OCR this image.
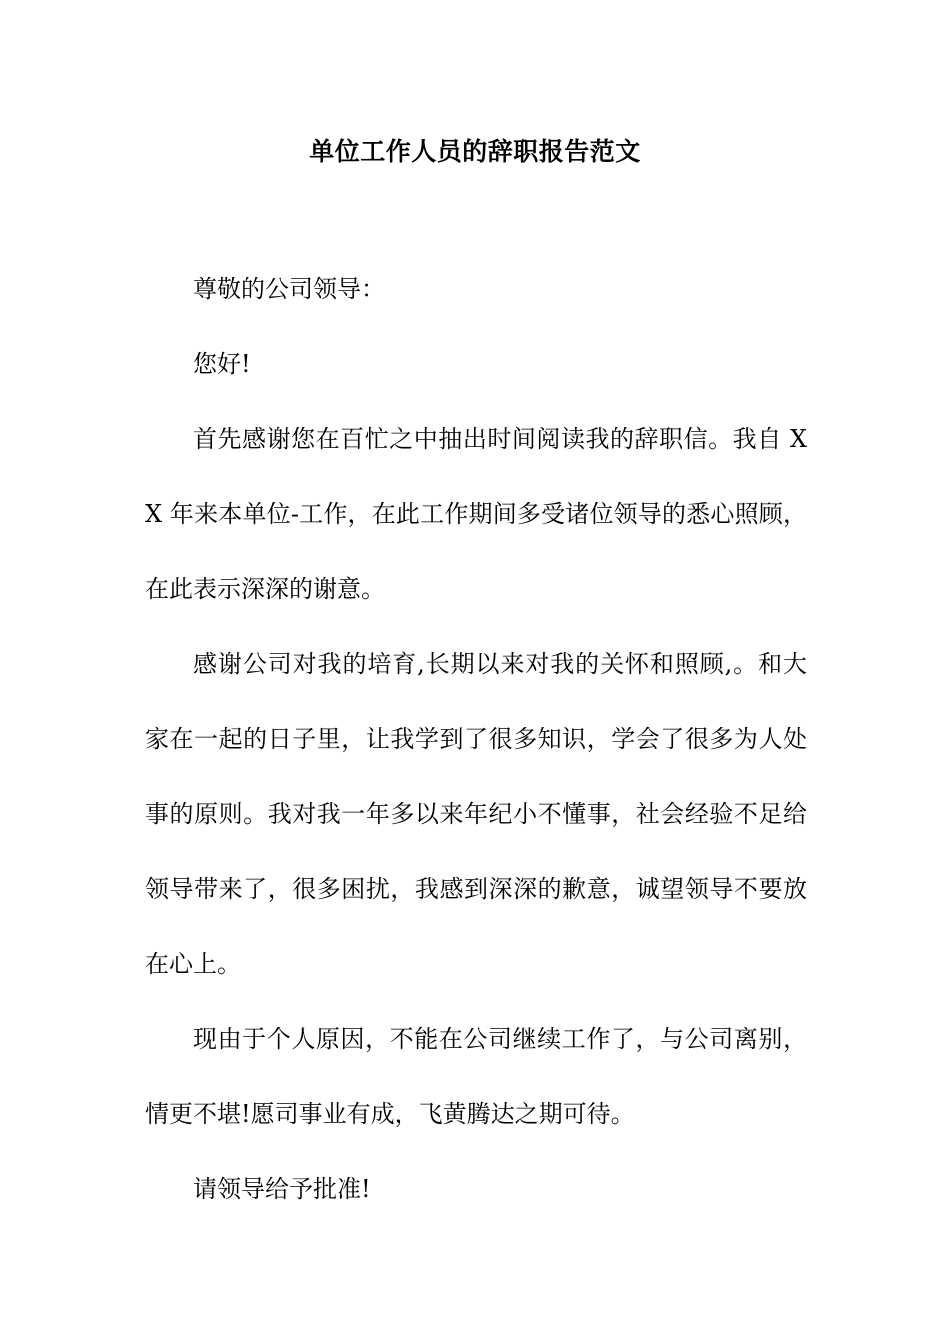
单位工作人员的辞职报告范文

尊敬的公司领导：

您好!

首先感谢您在百忙之中抽出时间阅读我的辞职信。我自 XX 年来本单位-工作，在此工作期间多受诸位领导的悉心照顾，在此表示深深的谢意。

感谢公司对我的培育,长期以来对我的关怀和照顾,。和大家在一起的日子里，让我学到了很多知识，学会了很多为人处事的原则。我对我一年多以来年纪小不懂事，社会经验不足给领导带来了，很多困扰，我感到深深的歉意，诚望领导不要放在心上。

现由于个人原因，不能在公司继续工作了，与公司离别，情更不堪!愿司事业有成，飞黄腾达之期可待。

请领导给予批准!
